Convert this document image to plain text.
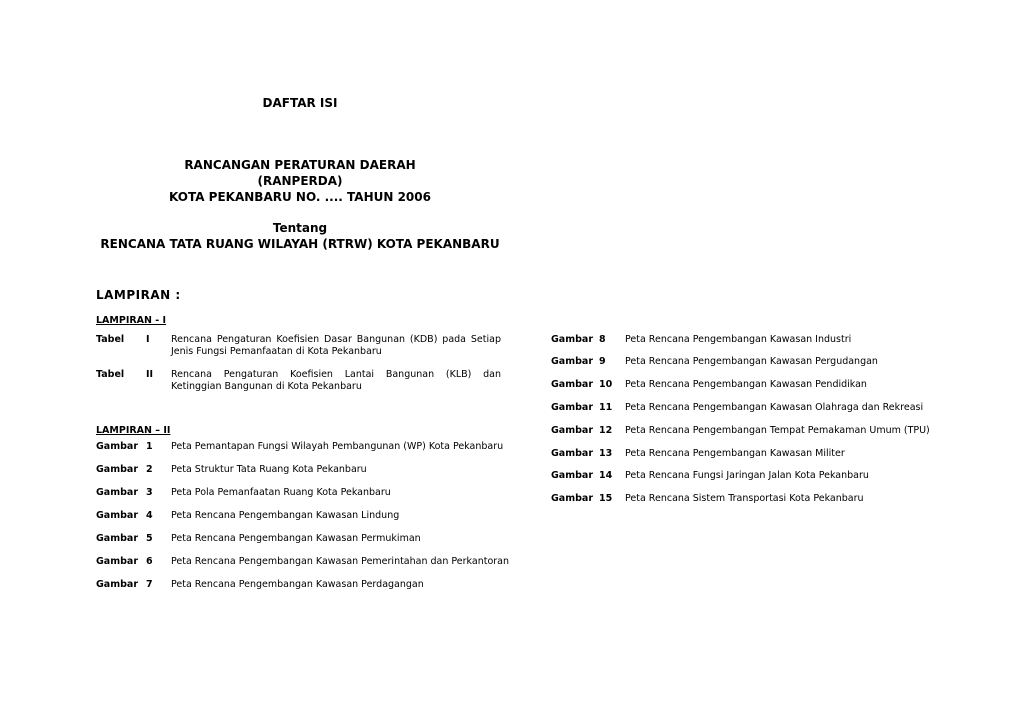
DAFTAR ISI
RANCANGAN PERATURAN DAERAH
(RANPERDA)
KOTA PEKANBARU NO. .... TAHUN 2006
Tentang
RENCANA TATA RUANG WILAYAH (RTRW) KOTA PEKANBARU
LAMPIRAN :
LAMPIRAN - I
Tabel I Rencana Pengaturan Koefisien Dasar Bangunan (KDB) pada Setiap Jenis Fungsi Pemanfaatan di Kota Pekanbaru
Tabel II Rencana Pengaturan Koefisien Lantai Bangunan (KLB) dan Ketinggian Bangunan di Kota Pekanbaru
LAMPIRAN – II
Gambar 1 Peta Pemantapan Fungsi Wilayah Pembangunan (WP) Kota Pekanbaru
Gambar 2 Peta Struktur Tata Ruang Kota Pekanbaru
Gambar 3 Peta Pola Pemanfaatan Ruang Kota Pekanbaru
Gambar 4 Peta Rencana Pengembangan Kawasan Lindung
Gambar 5 Peta Rencana Pengembangan Kawasan Permukiman
Gambar 6 Peta Rencana Pengembangan Kawasan Pemerintahan dan Perkantoran
Gambar 7 Peta Rencana Pengembangan Kawasan Perdagangan
Gambar 8 Peta Rencana Pengembangan Kawasan Industri
Gambar 9 Peta Rencana Pengembangan Kawasan Pergudangan
Gambar 10 Peta Rencana Pengembangan Kawasan Pendidikan
Gambar 11 Peta Rencana Pengembangan Kawasan Olahraga dan Rekreasi
Gambar 12 Peta Rencana Pengembangan Tempat Pemakaman Umum (TPU)
Gambar 13 Peta Rencana Pengembangan Kawasan Militer
Gambar 14 Peta Rencana Fungsi Jaringan Jalan Kota Pekanbaru
Gambar 15 Peta Rencana Sistem Transportasi Kota Pekanbaru
